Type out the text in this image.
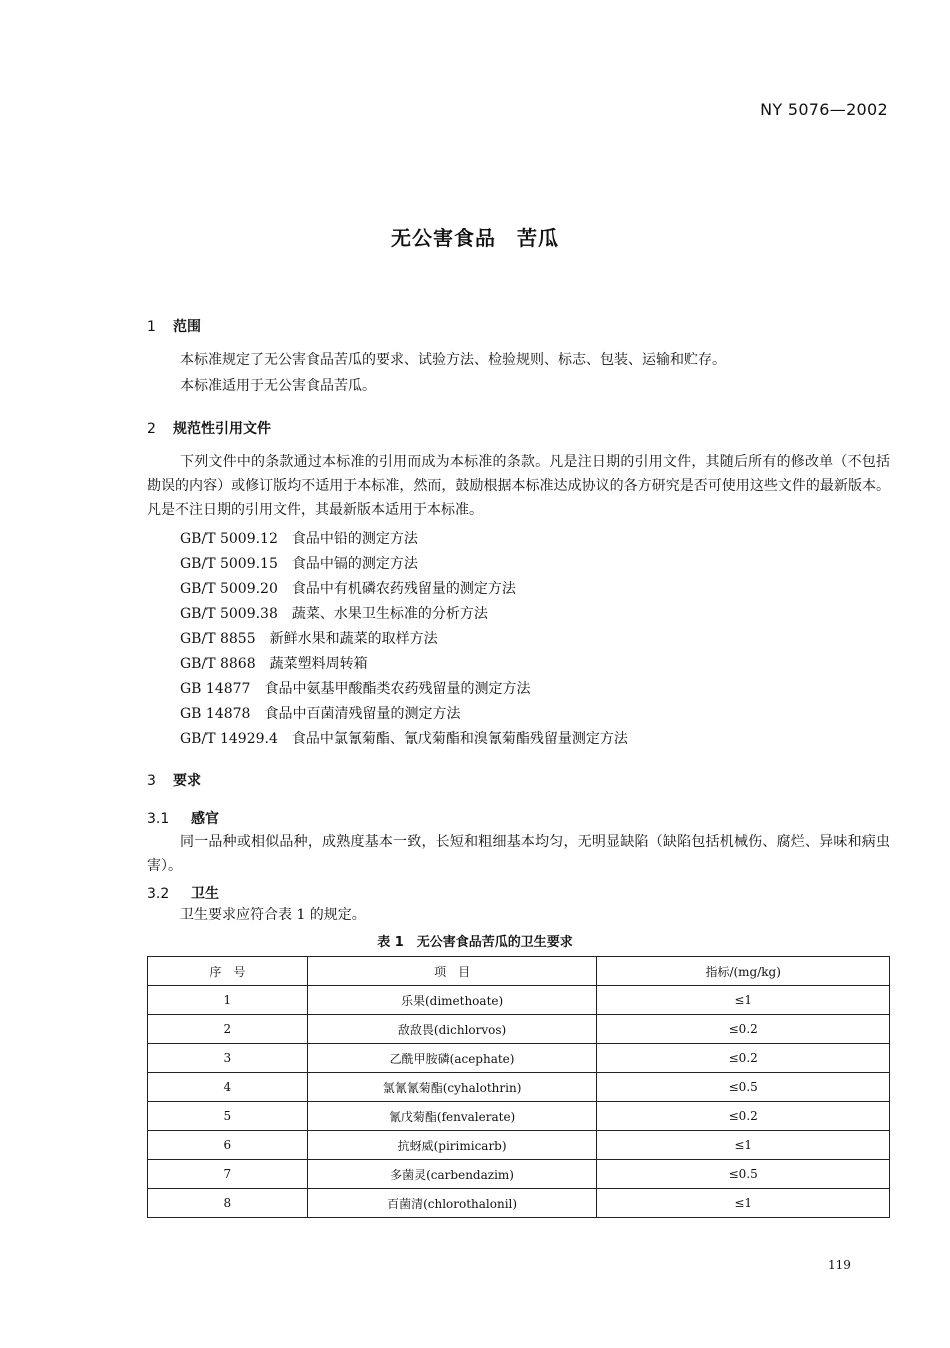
NY 5076—2002
无公害食品　苦瓜
1 范围
本标准规定了无公害食品苦瓜的要求、试验方法、检验规则、标志、包装、运输和贮存。
本标准适用于无公害食品苦瓜。
2 规范性引用文件
下列文件中的条款通过本标准的引用而成为本标准的条款。凡是注日期的引用文件，其随后所有的修改单（不包括勘误的内容）或修订版均不适用于本标准，然而，鼓励根据本标准达成协议的各方研究是否可使用这些文件的最新版本。凡是不注日期的引用文件，其最新版本适用于本标准。
GB/T 5009.12　食品中铅的测定方法
GB/T 5009.15　食品中镉的测定方法
GB/T 5009.20　食品中有机磷农药残留量的测定方法
GB/T 5009.38　蔬菜、水果卫生标准的分析方法
GB/T 8855　新鲜水果和蔬菜的取样方法
GB/T 8868　蔬菜塑料周转箱
GB 14877　食品中氨基甲酸酯类农药残留量的测定方法
GB 14878　食品中百菌清残留量的测定方法
GB/T 14929.4　食品中氯氰菊酯、氰戊菊酯和溴氰菊酯残留量测定方法
3 要求
3.1 感官
同一品种或相似品种，成熟度基本一致，长短和粗细基本均匀，无明显缺陷（缺陷包括机械伤、腐烂、异味和病虫害）。
3.2 卫生
卫生要求应符合表 1 的规定。
表 1　无公害食品苦瓜的卫生要求
序　号	项　目	指标/(mg/kg)
1	乐果(dimethoate)	≤1
2	敌敌畏(dichlorvos)	≤0.2
3	乙酰甲胺磷(acephate)	≤0.2
4	氯氰氰菊酯(cyhalothrin)	≤0.5
5	氰戊菊酯(fenvalerate)	≤0.2
6	抗蚜威(pirimicarb)	≤1
7	多菌灵(carbendazim)	≤0.5
8	百菌清(chlorothalonil)	≤1
119
